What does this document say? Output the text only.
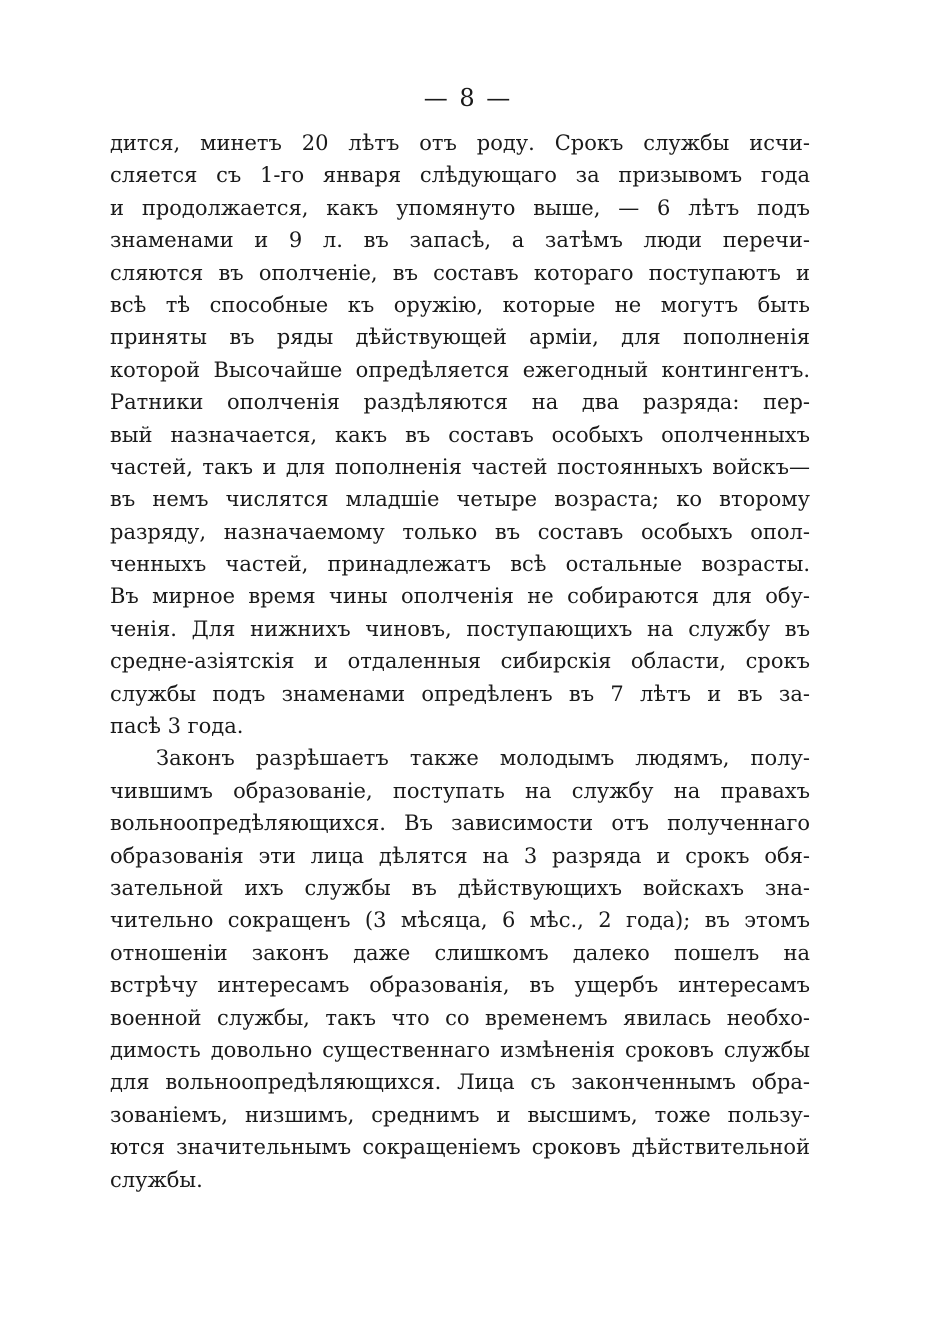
— 8 —
дится, минетъ 20 лѣтъ отъ роду. Срокъ службы исчи-
сляется съ 1-го января слѣдующаго за призывомъ года
и продолжается, какъ упомянуто выше, — 6 лѣтъ подъ
знаменами и 9 л. въ запасѣ, а затѣмъ люди перечи-
сляются въ ополченіе, въ составъ котораго поступаютъ и
всѣ тѣ способные къ оружію, которые не могутъ быть
приняты въ ряды дѣйствующей арміи, для пополненія
которой Высочайше опредѣляется ежегодный контингентъ.
Ратники ополченія раздѣляются на два разряда: пер-
вый назначается, какъ въ составъ особыхъ ополченныхъ
частей, такъ и для пополненія частей постоянныхъ войскъ—
въ немъ числятся младшіе четыре возраста; ко второму
разряду, назначаемому только въ составъ особыхъ опол-
ченныхъ частей, принадлежатъ всѣ остальные возрасты.
Въ мирное время чины ополченія не собираются для обу-
ченія. Для нижнихъ чиновъ, поступающихъ на службу въ
средне-азіятскія и отдаленныя сибирскія области, срокъ
службы подъ знаменами опредѣленъ въ 7 лѣтъ и въ за-
пасѣ 3 года.
Законъ разрѣшаетъ также молодымъ людямъ, полу-
чившимъ образованіе, поступать на службу на правахъ
вольноопредѣляющихся. Въ зависимости отъ полученнаго
образованія эти лица дѣлятся на 3 разряда и срокъ обя-
зательной ихъ службы въ дѣйствующихъ войскахъ зна-
чительно сокращенъ (3 мѣсяца, 6 мѣс., 2 года); въ этомъ
отношеніи законъ даже слишкомъ далеко пошелъ на
встрѣчу интересамъ образованія, въ ущербъ интересамъ
военной службы, такъ что со временемъ явилась необхо-
димость довольно существеннаго измѣненія сроковъ службы
для вольноопредѣляющихся. Лица съ законченнымъ обра-
зованіемъ, низшимъ, среднимъ и высшимъ, тоже пользу-
ются значительнымъ сокращеніемъ сроковъ дѣйствительной
службы.
